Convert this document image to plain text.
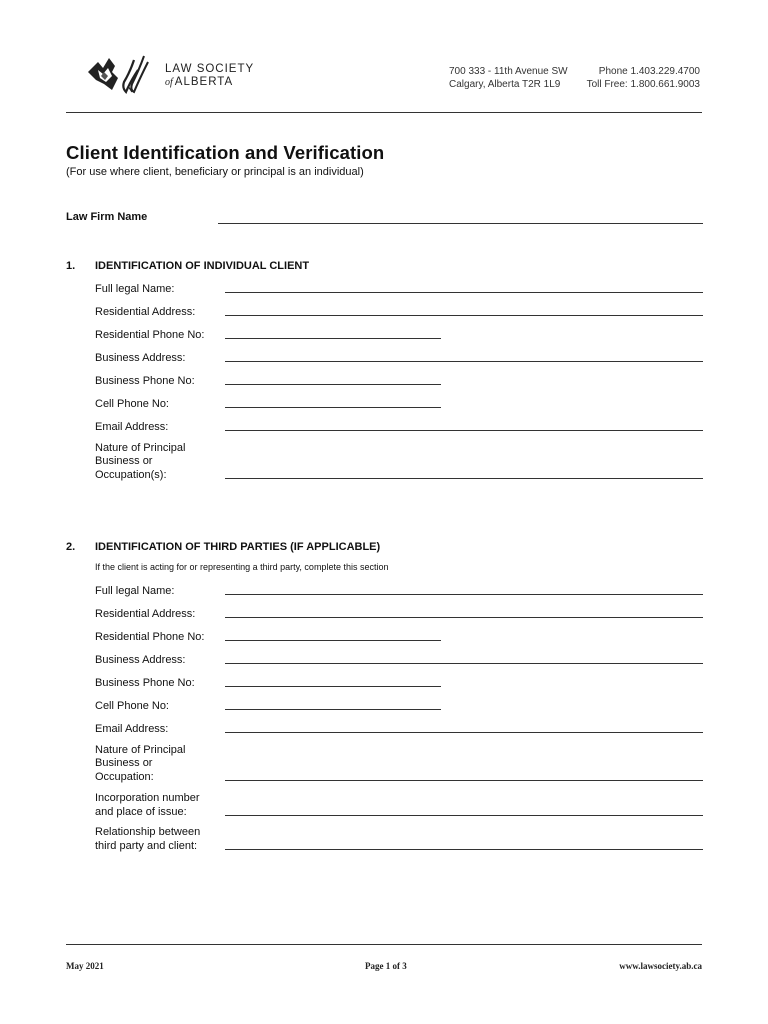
LAW SOCIETY
of ALBERTA
700 333 - 11th Avenue SW
Calgary, Alberta T2R 1L9
Phone 1.403.229.4700
Toll Free: 1.800.661.9003
Client Identification and Verification
(For use where client, beneficiary or principal is an individual)
Law Firm Name
1. IDENTIFICATION OF INDIVIDUAL CLIENT
Full legal Name:
Residential Address:
Residential Phone No:
Business Address:
Business Phone No:
Cell Phone No:
Email Address:
Nature of Principal
Business or
Occupation(s):
2. IDENTIFICATION OF THIRD PARTIES (IF APPLICABLE)
If the client is acting for or representing a third party, complete this section
Full legal Name:
Residential Address:
Residential Phone No:
Business Address:
Business Phone No:
Cell Phone No:
Email Address:
Nature of Principal
Business or
Occupation:
Incorporation number
and place of issue:
Relationship between
third party and client:
May 2021	Page 1 of 3	www.lawsociety.ab.ca
